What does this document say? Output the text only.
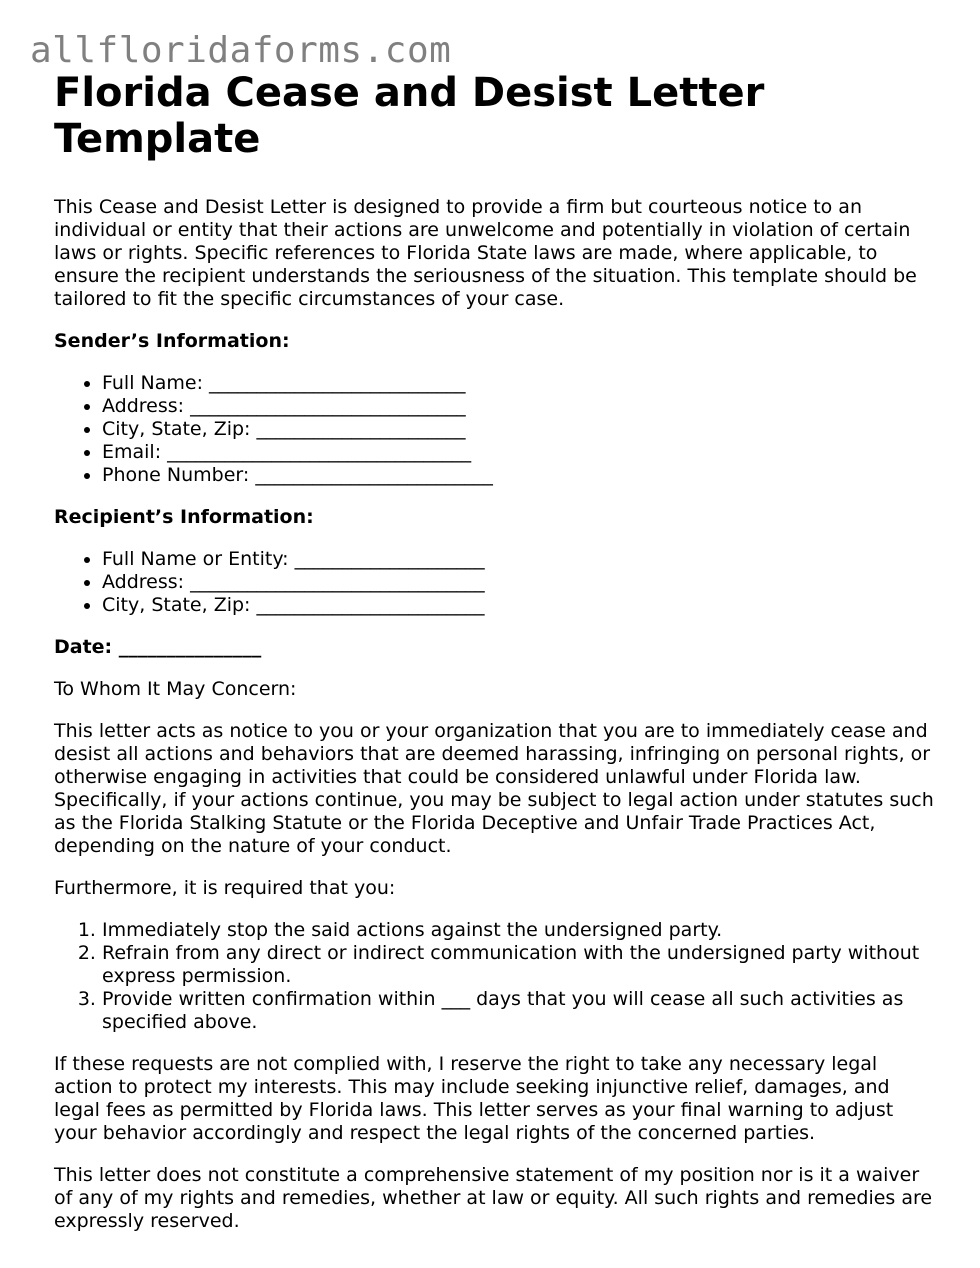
allfloridaforms.com
Florida Cease and Desist Letter Template

This Cease and Desist Letter is designed to provide a firm but courteous notice to an individual or entity that their actions are unwelcome and potentially in violation of certain laws or rights. Specific references to Florida State laws are made, where applicable, to ensure the recipient understands the seriousness of the situation. This template should be tailored to fit the specific circumstances of your case.

Sender’s Information:
• Full Name: ___________________________
• Address: _____________________________
• City, State, Zip: ______________________
• Email: ________________________________
• Phone Number: _________________________
Recipient’s Information:
• Full Name or Entity: ____________________
• Address: _______________________________
• City, State, Zip: ________________________

Date: _______________

To Whom It May Concern:

This letter acts as notice to you or your organization that you are to immediately cease and desist all actions and behaviors that are deemed harassing, infringing on personal rights, or otherwise engaging in activities that could be considered unlawful under Florida law. Specifically, if your actions continue, you may be subject to legal action under statutes such as the Florida Stalking Statute or the Florida Deceptive and Unfair Trade Practices Act, depending on the nature of your conduct.

Furthermore, it is required that you:

1. Immediately stop the said actions against the undersigned party.
2. Refrain from any direct or indirect communication with the undersigned party without express permission.
3. Provide written confirmation within ___ days that you will cease all such activities as specified above.

If these requests are not complied with, I reserve the right to take any necessary legal action to protect my interests. This may include seeking injunctive relief, damages, and legal fees as permitted by Florida laws. This letter serves as your final warning to adjust your behavior accordingly and respect the legal rights of the concerned parties.

This letter does not constitute a comprehensive statement of my position nor is it a waiver of any of my rights and remedies, whether at law or equity. All such rights and remedies are expressly reserved.
